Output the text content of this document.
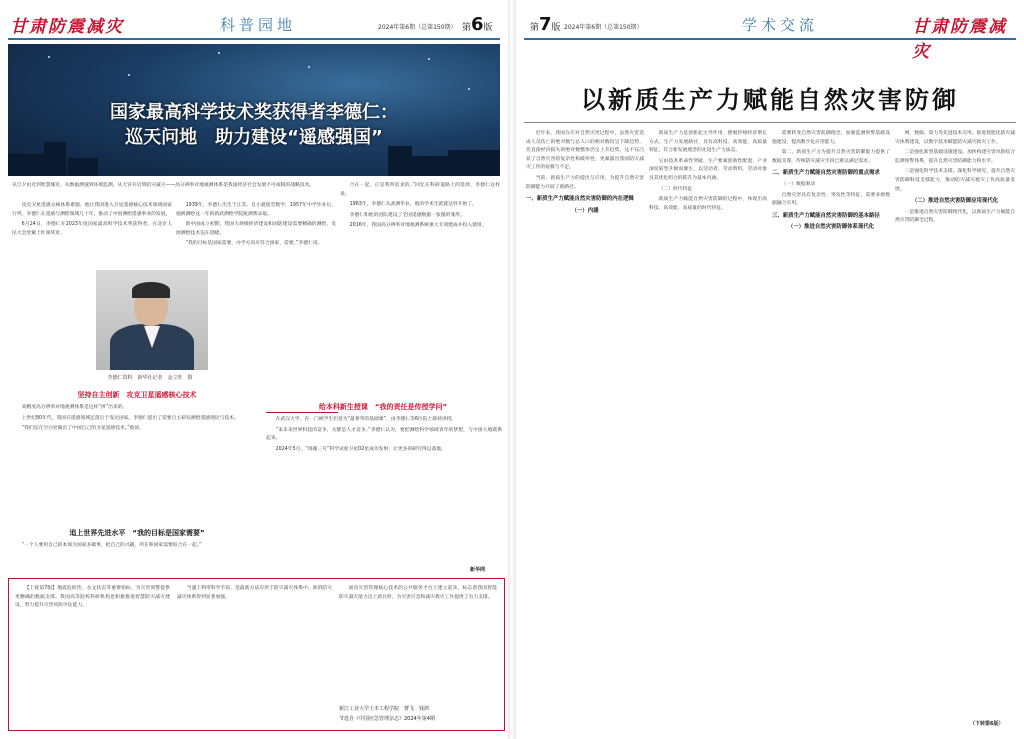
甘肃防震减灾	科普园地	2024年第6期（总第150期） 第6版
国家最高科学技术奖获得者李德仁：
巡天问地　助力建设“遥感强国”
从旦夕由近到智慧城市，从数据测速到环境监测，从天宫开启到防灾减灾——高分辨率对地观测体系是我国经济社会发展不可或缺的战略技术。

攻克卫星遥感众核体系难题，他让我国进入卫星遥感核心技术领域国家行列。李德仁在遥感与测绘领域几十年，推动了中国测绘遥感事业的发展。

6月24日，李德仁在2023年度国家最高科学技术奖获得者，在北京人民大会堂戴上红领奖章。

1939年，李德仁出生于江苏。自小就迷恋数学，1957年中学毕业后，他被测绘这一年的新武测绘学院航测系录取。

新中国成立初期，我国大规模经济建设和国防建设需要精确的测绘，发展测绘技术迫在眉睫。

“我的目标是国家需要，办学方向应符合国家、需要。”李德仁说。

合在一起，正是我所追求的。”回忆在科研道路上的选择，李德仁这样说。

1963年，李德仁从武测毕业，他的学术生涯就这样开始了。

李德仁和他的团队建设了全国遥感数据一张图的雏形。

2016年，我国高分辨率对地观测系统重大专项建成并投入使用。

李德仁资料　新华社记者　金立旺　摄
坚持自主创新　攻克卫星遥感核心技术

高精度高分辨率对地观测体系是这样“拼”出来的。

上世纪80年代，我国在遥感领域还落后于发达国家。李德仁提出了需要自主研发测绘遥感理论与技术。

“我们是在空白处做出了中国自己的卫星遥感技术。”他说。

给本科新生授课　“我的责任是传授学问”

在武汉大学，有一门被学生们誉为“最奢华的基础课”，由李德仁等6位院士联袂讲授。

“来未来世界科技的竞争，关键是人才竞争。”李德仁认为，要把测绘科学领域青年的梦想，与中国大地联系起来。

2024年5月，“珞珈三号”科学试验卫星02星成功发射，让更多的研究得以落地。

追上世界先进水平　“我的目标是国家需要”

“一个人要用自己的本领为国家多做事，把自己的兴趣、所长和国家需要结合在一起。”

新华网

【上接第7版】地震危险性、水文状态等重要指标，为灾害预警提供更精确的数据支撑。我国高等院校科研机构也积极推进智慧防灾减灾建设，努力提升灾害风险评估能力。

当遇上利用科学手段，是最新方法应用于防灾减灾体系中，新的防灾减灾体系得到显著加强。

面向灾害管理核心技术的公共服务平台上建立起来，标志着我国智能防灾减灾能力迈上新台阶，为灾害应急和减灾救灾工作提供了有力支撑。

新江工业大学土木工程学院　曹飞　钱鸿
节选自《中国应急管理杂志》2024年第4期
第7版 2024年第6期（总第150期）	学术交流	甘肃防震减灾
以新质生产力赋能自然灾害防御

近年来，我国在应对自然灾害过程中，虽然灾害造成人员伤亡的绝对数与总人口的相对数均呈下降趋势，但直接经济损失的绝对数整体仍呈上升趋势，这不仅凸显了自然灾害的复杂性和破坏性，更暴露出我国防灾减灾工作的短板与不足。

当前，新质生产力的提出与应用，为提升自然灾害防御能力开辟了新路径。

一、新质生产力赋能自然灾害防御的内在逻辑
（一）内涵

新质生产力是创新起主导作用，摆脱传统经济增长方式、生产力发展路径，具有高科技、高效能、高质量特征，符合新发展理念的先进生产力质态。

它由技术革命性突破、生产要素创新性配置、产业深度转型升级而催生，以劳动者、劳动资料、劳动对象及其优化组合的跃升为基本内涵。

（二）时代特征

新质生产力赋能自然灾害防御的过程中，体现出高科技、高效能、高质量的时代特征。

需要转变自然灾害防御理念，加强监测预警基础设施建设，提高数字化应用能力。

第二，新质生产力为提升自然灾害防御能力提供了数据支撑，传统防灾减灾手段已难以满足需求。

二、新质生产力赋能自然灾害防御的重点需求

（一）数据驱动

自然灾害具有复杂性、突发性等特征，需要多源数据融合应用。

三、新质生产力赋能自然灾害防御的基本路径
（一）推进自然灾害防御体系现代化

网、数据、算力等先进技术应用。推进智能化防灾减灾体系建设，以数字技术赋能防灾减灾救灾工作。

二是强化新型基础设施建设。加快构建灾害风险综合监测预警体系，提升自然灾害防御能力和水平。

三是强化科学技术支撑。深化科学研究，提升自然灾害防御科技支撑能力，推动防灾减灾救灾工作高质量发展。

（二）推进自然灾害防御应用现代化

一是推进自然灾害防御现代化，以新质生产力赋能自然灾害防御全过程。

（下转第6版）
